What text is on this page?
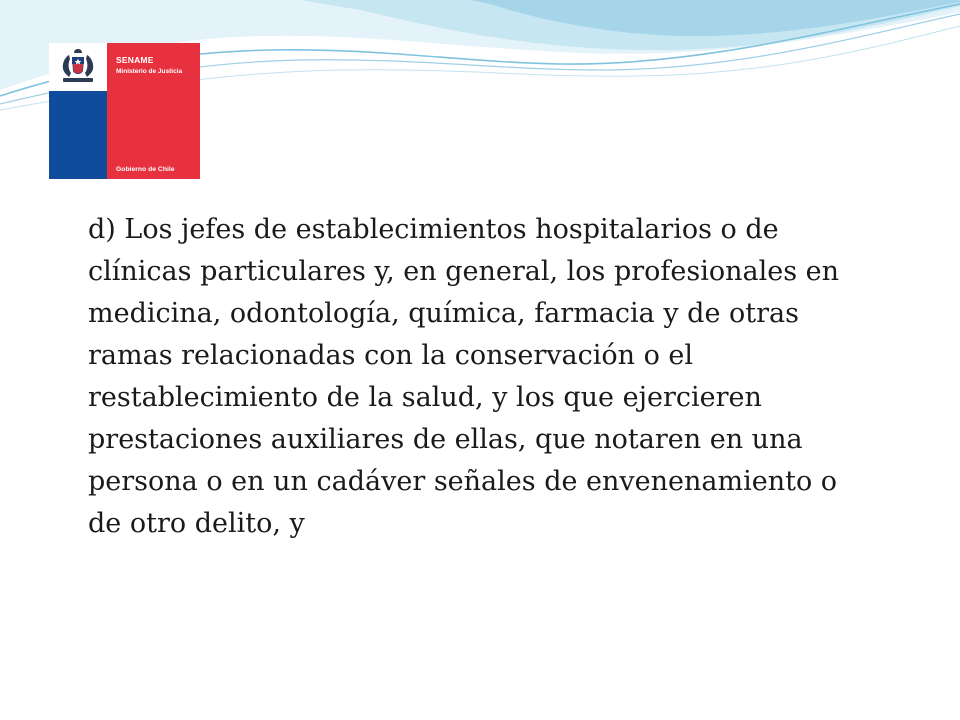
SENAME
Ministerio de Justicia
Gobierno de Chile

d) Los jefes de establecimientos hospitalarios o de
clínicas particulares y, en general, los profesionales en
medicina, odontología, química, farmacia y de otras
ramas relacionadas con la conservación o el
restablecimiento de la salud, y los que ejercieren
prestaciones auxiliares de ellas, que notaren en una
persona o en un cadáver señales de envenenamiento o
de otro delito, y
